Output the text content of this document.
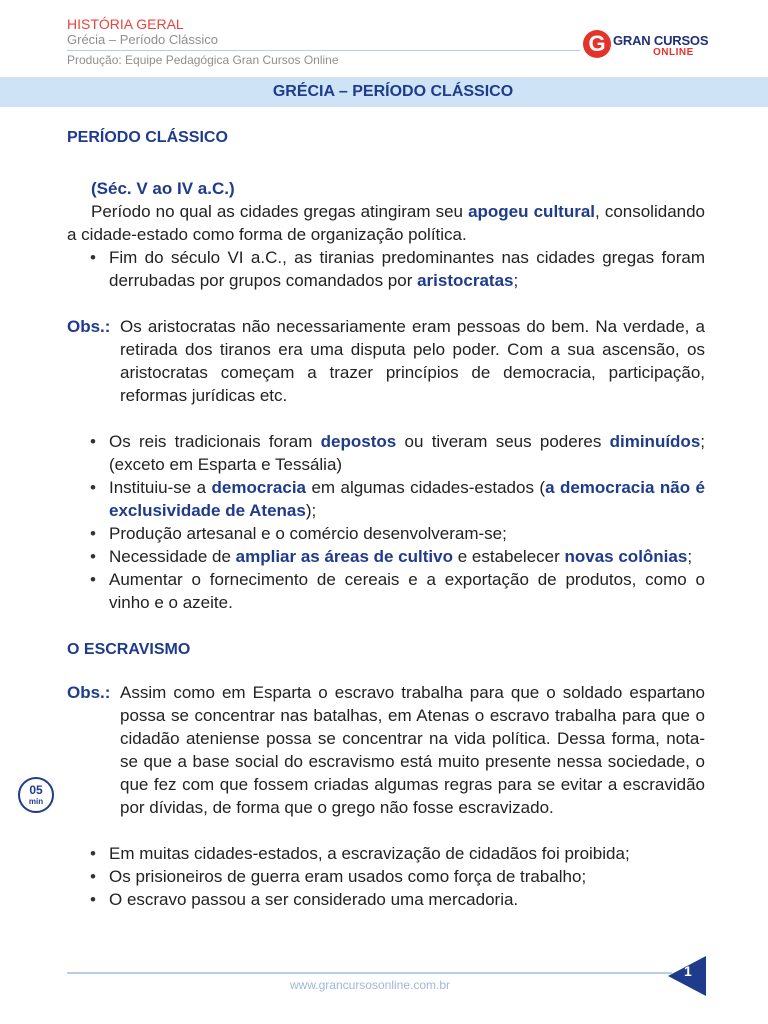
HISTÓRIA GERAL
Grécia – Período Clássico
Produção: Equipe Pedagógica Gran Cursos Online
G GRAN CURSOS
ONLINE
GRÉCIA – PERÍODO CLÁSSICO
PERÍODO CLÁSSICO

(Séc. V ao IV a.C.)

Período no qual as cidades gregas atingiram seu apogeu cultural, consolidando a cidade-estado como forma de organização política.

• Fim do século VI a.C., as tiranias predominantes nas cidades gregas foram derrubadas por grupos comandados por aristocratas;
Obs.: Os aristocratas não necessariamente eram pessoas do bem. Na verdade, a retirada dos tiranos era uma disputa pelo poder. Com a sua ascensão, os aristocratas começam a trazer princípios de democracia, participação, reformas jurídicas etc.
• Os reis tradicionais foram depostos ou tiveram seus poderes diminuídos; (exceto em Esparta e Tessália)
• Instituiu-se a democracia em algumas cidades-estados (a democracia não é exclusividade de Atenas);
• Produção artesanal e o comércio desenvolveram-se;
• Necessidade de ampliar as áreas de cultivo e estabelecer novas colônias;
• Aumentar o fornecimento de cereais e a exportação de produtos, como o vinho e o azeite.
O ESCRAVISMO
Obs.: Assim como em Esparta o escravo trabalha para que o soldado espartano possa se concentrar nas batalhas, em Atenas o escravo trabalha para que o cidadão ateniense possa se concentrar na vida política. Dessa forma, nota-se que a base social do escravismo está muito presente nessa sociedade, o que fez com que fossem criadas algumas regras para se evitar a escravidão por dívidas, de forma que o grego não fosse escravizado.
• Em muitas cidades-estados, a escravização de cidadãos foi proibida;
• Os prisioneiros de guerra eram usados como força de trabalho;
• O escravo passou a ser considerado uma mercadoria.
05
min
1
www.grancursosonline.com.br
